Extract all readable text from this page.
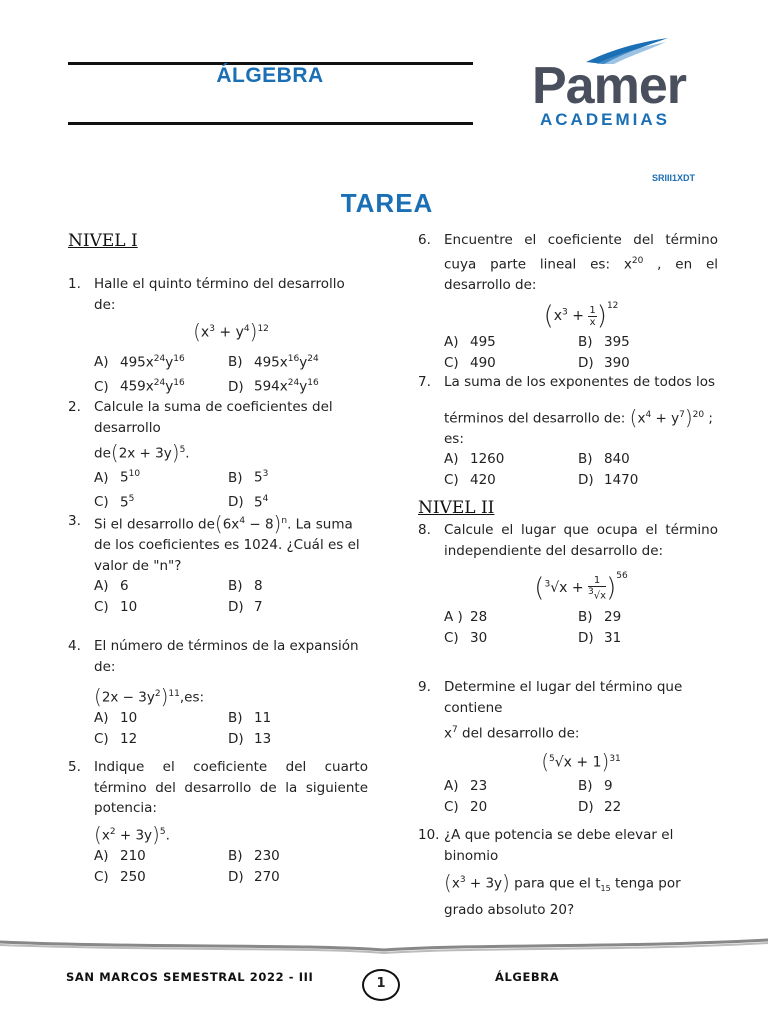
ÁLGEBRA	Pamer
ACADEMIAS
SRIII1XDT
TAREA
NIVEL I
1. Halle el quinto término del desarrollo de:
$(x^3 + y^4)^{12}$
A) $495x^{24}y^{16}$	B) $495x^{16}y^{24}$
C) $459x^{24}y^{16}$	D) $594x^{24}y^{16}$
2. Calcule la suma de coeficientes del desarrollo
$de(2x + 3y)^5$.
A) $5^{10}$	B) $5^3$
C) $5^5$	D) $5^4$
3. Si el desarrollo $de(6x^4 - 8)^n$. La suma de los coeficientes es 1024. ¿Cuál es el valor de "n"?
A) 6	B) 8
C) 10	D) 7
4. El número de términos de la expansión de:
$(2x - 3y^2)^{11},es$:
A) 10	B) 11
C) 12	D) 13
5. Indique el coeficiente del cuarto término del desarrollo de la siguiente potencia:
$(x^2 + 3y)^5$.
A) 210	B) 230
C) 250	D) 270
6. Encuentre el coeficiente del término cuya parte lineal es: $x^{20}$ , en el desarrollo de:
$(x^3 + \frac{1}{x} )^{12}$
A) 495	B) 395
C) 490	D) 390
7. La suma de los exponentes de todos los
términos del desarrollo de: $(x^4 + y^7)^{20}$ ; es:
A) 1260	B) 840
C) 420	D) 1470
NIVEL II
8. Calcule el lugar que ocupa el término independiente del desarrollo de:
$(^3√x + \frac{1}{^3√x} )^{56}$
A ) 28	B) 29
C) 30	D) 31
9. Determine el lugar del término que contiene
$x^7$ del desarrollo de:
$(^5√x + 1)^{31}$
A) 23	B) 9
C) 20	D) 22
10. ¿A que potencia se debe elevar el binomio
$(x^3 + 3y)$ para que el $t_{15}$ tenga por grado absoluto 20?
SAN MARCOS SEMESTRAL 2022 - III	1	ÁLGEBRA
